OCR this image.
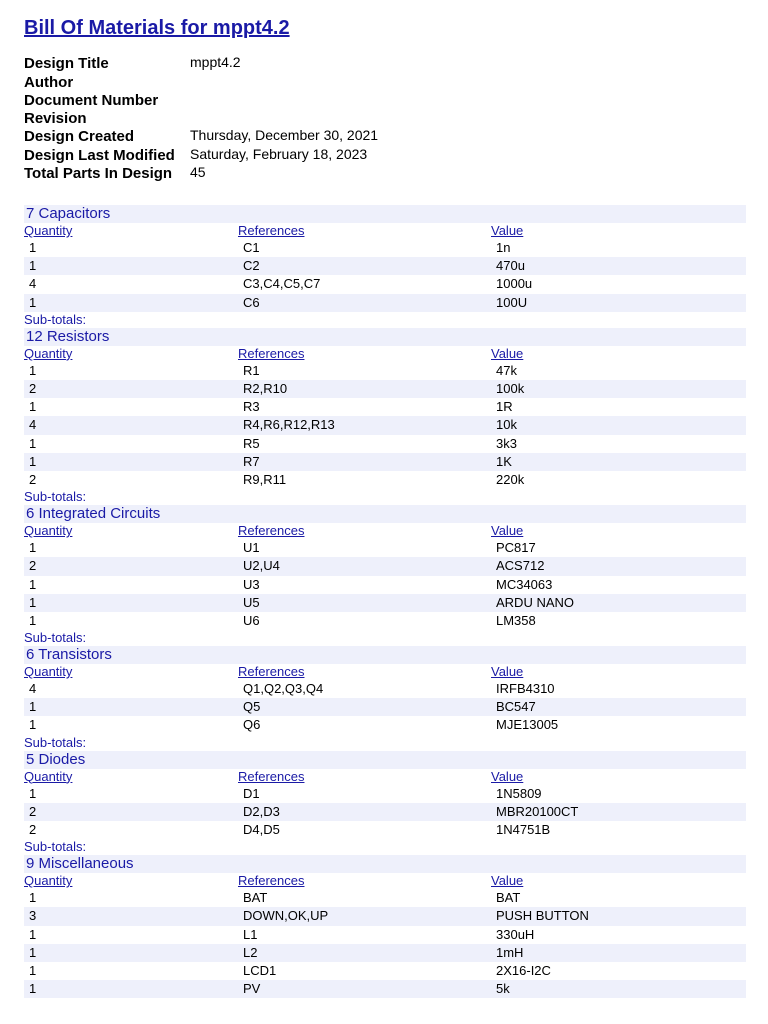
Bill Of Materials for mppt4.2
Design Title	mppt4.2
Author
Document Number
Revision
Design Created	Thursday, December 30, 2021
Design Last Modified	Saturday, February 18, 2023
Total Parts In Design	45
7 Capacitors
Quantity	References	Value
1	C1	1n
1	C2	470u
4	C3,C4,C5,C7	1000u
1	C6	100U
Sub-totals:
12 Resistors
Quantity	References	Value
1	R1	47k
2	R2,R10	100k
1	R3	1R
4	R4,R6,R12,R13	10k
1	R5	3k3
1	R7	1K
2	R9,R11	220k
Sub-totals:
6 Integrated Circuits
Quantity	References	Value
1	U1	PC817
2	U2,U4	ACS712
1	U3	MC34063
1	U5	ARDU NANO
1	U6	LM358
Sub-totals:
6 Transistors
Quantity	References	Value
4	Q1,Q2,Q3,Q4	IRFB4310
1	Q5	BC547
1	Q6	MJE13005
Sub-totals:
5 Diodes
Quantity	References	Value
1	D1	1N5809
2	D2,D3	MBR20100CT
2	D4,D5	1N4751B
Sub-totals:
9 Miscellaneous
Quantity	References	Value
1	BAT	BAT
3	DOWN,OK,UP	PUSH BUTTON
1	L1	330uH
1	L2	1mH
1	LCD1	2X16-I2C
1	PV	5k
